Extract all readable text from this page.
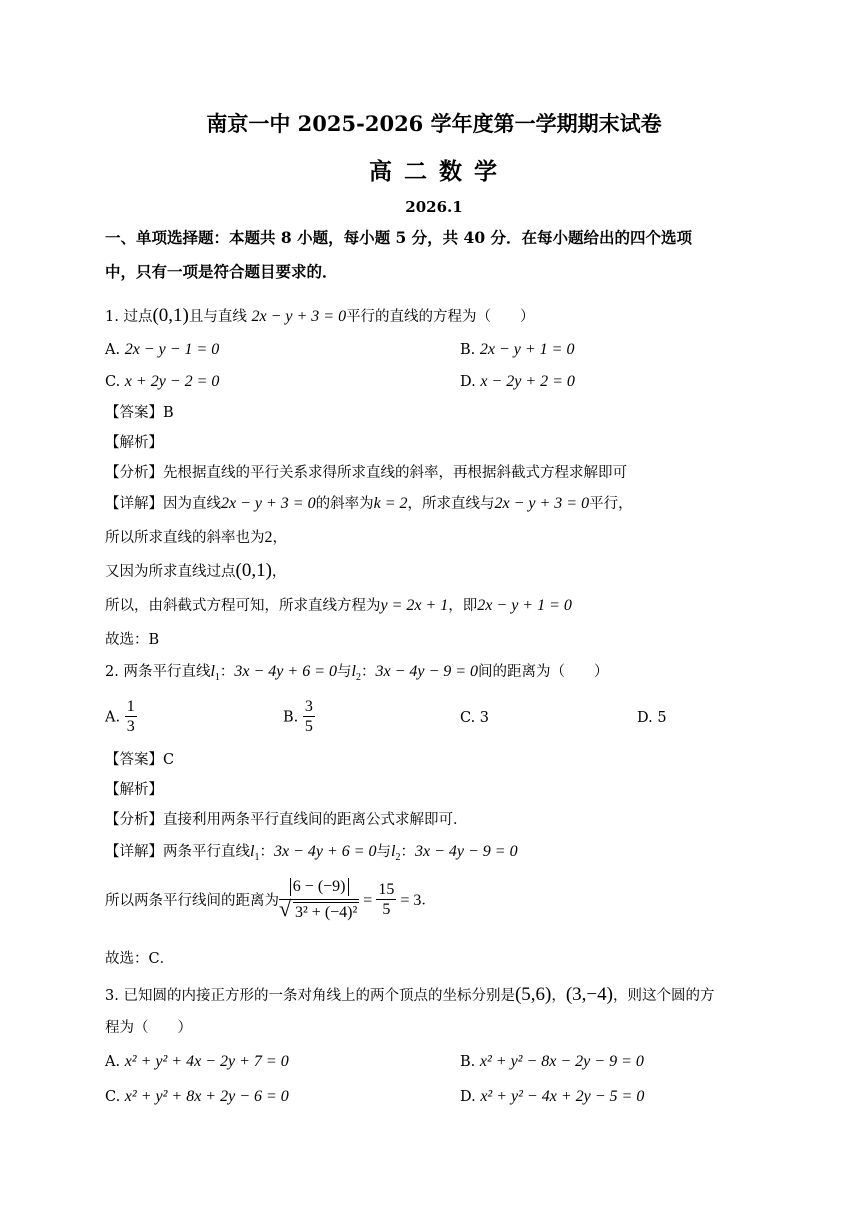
南京一中 2025-2026 学年度第一学期期末试卷
高 二 数 学
2026.1
一、单项选择题：本题共 8 小题，每小题 5 分，共 40 分．在每小题给出的四个选项
中，只有一项是符合题目要求的．
1. 过点(0,1)且与直线 2x − y + 3 = 0平行的直线的方程为（　　）
A. 2x − y − 1 = 0	B. 2x − y + 1 = 0
C. x + 2y − 2 = 0	D. x − 2y + 2 = 0
【答案】B
【解析】
【分析】先根据直线的平行关系求得所求直线的斜率，再根据斜截式方程求解即可
【详解】因为直线2x − y + 3 = 0的斜率为k = 2，所求直线与2x − y + 3 = 0平行，
所以所求直线的斜率也为2，
又因为所求直线过点(0,1)，
所以，由斜截式方程可知，所求直线方程为y = 2x + 1，即2x − y + 1 = 0
故选：B
2. 两条平行直线$l_1$：3x − 4y + 6 = 0与$l_2$：3x − 4y − 9 = 0间的距离为（　　）
A. $\frac{1}{3}$	B. $\frac{3}{5}$	C. 3	D. 5
【答案】C
【解析】
【分析】直接利用两条平行直线间的距离公式求解即可．
【详解】两条平行直线$l_1$：3x − 4y + 6 = 0与$l_2$：3x − 4y − 9 = 0
所以两条平行线间的距离为 $\frac{6 - (-9)}{\text{√ 3² + (−4)²}} = \frac{15}{5} = 3$．
故选：C．
3. 已知圆的内接正方形的一条对角线上的两个顶点的坐标分别是(5,6)，(3,−4)，则这个圆的方
程为（　　）
A. x² + y² + 4x − 2y + 7 = 0	B. x² + y² − 8x − 2y − 9 = 0
C. x² + y² + 8x + 2y − 6 = 0	D. x² + y² − 4x + 2y − 5 = 0
